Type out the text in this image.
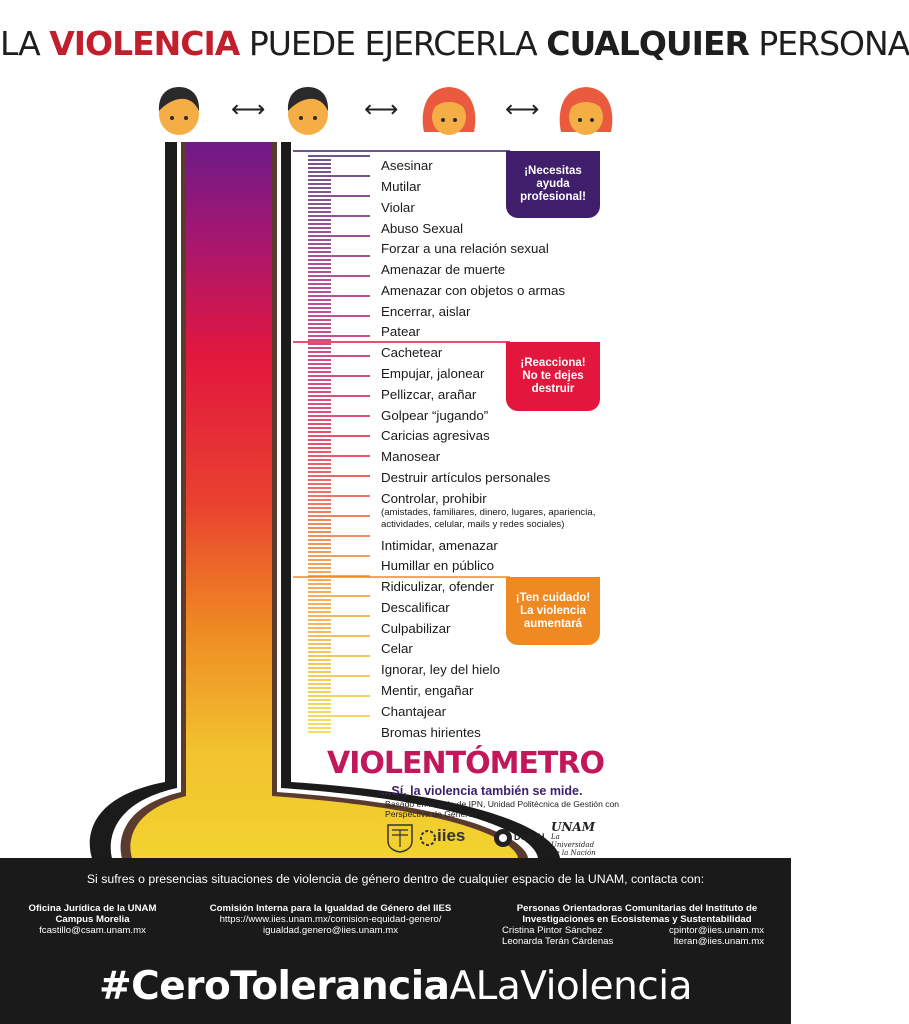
LA VIOLENCIA PUEDE EJERCERLA CUALQUIER PERSONA
⟷	⟷	⟷
Asesinar
Mutilar
Violar
Abuso Sexual
Forzar a una relación sexual
Amenazar de muerte
Amenazar con objetos o armas
Encerrar, aislar
Patear
Cachetear
Empujar, jalonear
Pellizcar, arañar
Golpear “jugando”
Caricias agresivas
Manosear
Destruir artículos personales
Controlar, prohibir
(amistades, familiares, dinero, lugares, apariencia, actividades, celular, mails y redes sociales)
Intimidar, amenazar
Humillar en público
Ridiculizar, ofender
Descalificar
Culpabilizar
Celar
Ignorar, ley del hielo
Mentir, engañar
Chantajear
Bromas hirientes
¡Necesitas
ayuda
profesional!
¡Reacciona!
No te dejes
destruir
¡Ten cuidado!
La violencia
aumentará
VIOLENTÓMETRO
...Sí, la violencia también se mide.
Basado en la guía de IPN, Unidad Politécnica de Gestión con Perspectiva de Género.
iies	DCSyH
UNAM
La Universidad de la Nación
Si sufres o presencias situaciones de violencia de género dentro de cualquier espacio de la UNAM, contacta con:
Oficina Jurídica de la UNAM
Campus Morelia
fcastillo@csam.unam.mx
Comisión Interna para la Igualdad de Género del IIES
https://www.iies.unam.mx/comision-equidad-genero/
igualdad.genero@iies.unam.mx
Personas Orientadoras Comunitarias del Instituto de
Investigaciones en Ecosistemas y Sustentabilidad
Cristina Pintor Sánchez	cpintor@iies.unam.mx
Leonarda Terán Cárdenas	lteran@iies.unam.mx
#CeroToleranciaALaViolencia
